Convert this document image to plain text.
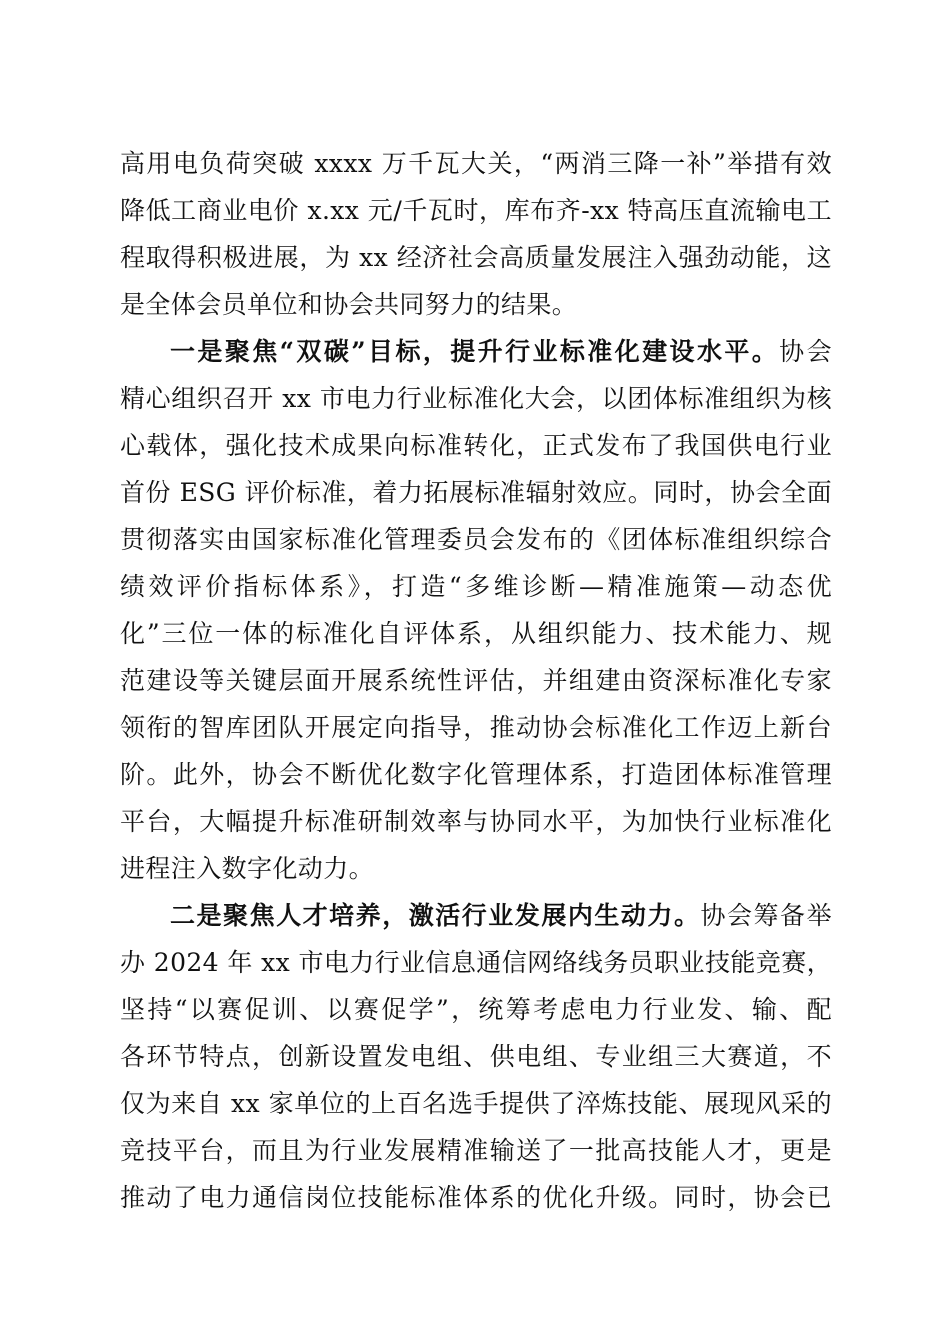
高用电负荷突破 xxxx 万千瓦大关，“两消三降一补”举措有效
降低工商业电价 x.xx 元/千瓦时，库布齐-xx 特高压直流输电工
程取得积极进展，为 xx 经济社会高质量发展注入强劲动能，这
是全体会员单位和协会共同努力的结果。
一是聚焦“双碳”目标，提升行业标准化建设水平。协会
精心组织召开 xx 市电力行业标准化大会，以团体标准组织为核
心载体，强化技术成果向标准转化，正式发布了我国供电行业
首份 ESG 评价标准，着力拓展标准辐射效应。同时，协会全面
贯彻落实由国家标准化管理委员会发布的《团体标准组织综合
绩效评价指标体系》，打造“多维诊断—精准施策—动态优
化”三位一体的标准化自评体系，从组织能力、技术能力、规
范建设等关键层面开展系统性评估，并组建由资深标准化专家
领衔的智库团队开展定向指导，推动协会标准化工作迈上新台
阶。此外，协会不断优化数字化管理体系，打造团体标准管理
平台，大幅提升标准研制效率与协同水平，为加快行业标准化
进程注入数字化动力。
二是聚焦人才培养，激活行业发展内生动力。协会筹备举
办 2024 年 xx 市电力行业信息通信网络线务员职业技能竞赛，
坚持“以赛促训、以赛促学”，统筹考虑电力行业发、输、配
各环节特点，创新设置发电组、供电组、专业组三大赛道，不
仅为来自 xx 家单位的上百名选手提供了淬炼技能、展现风采的
竞技平台，而且为行业发展精准输送了一批高技能人才，更是
推动了电力通信岗位技能标准体系的优化升级。同时，协会已
